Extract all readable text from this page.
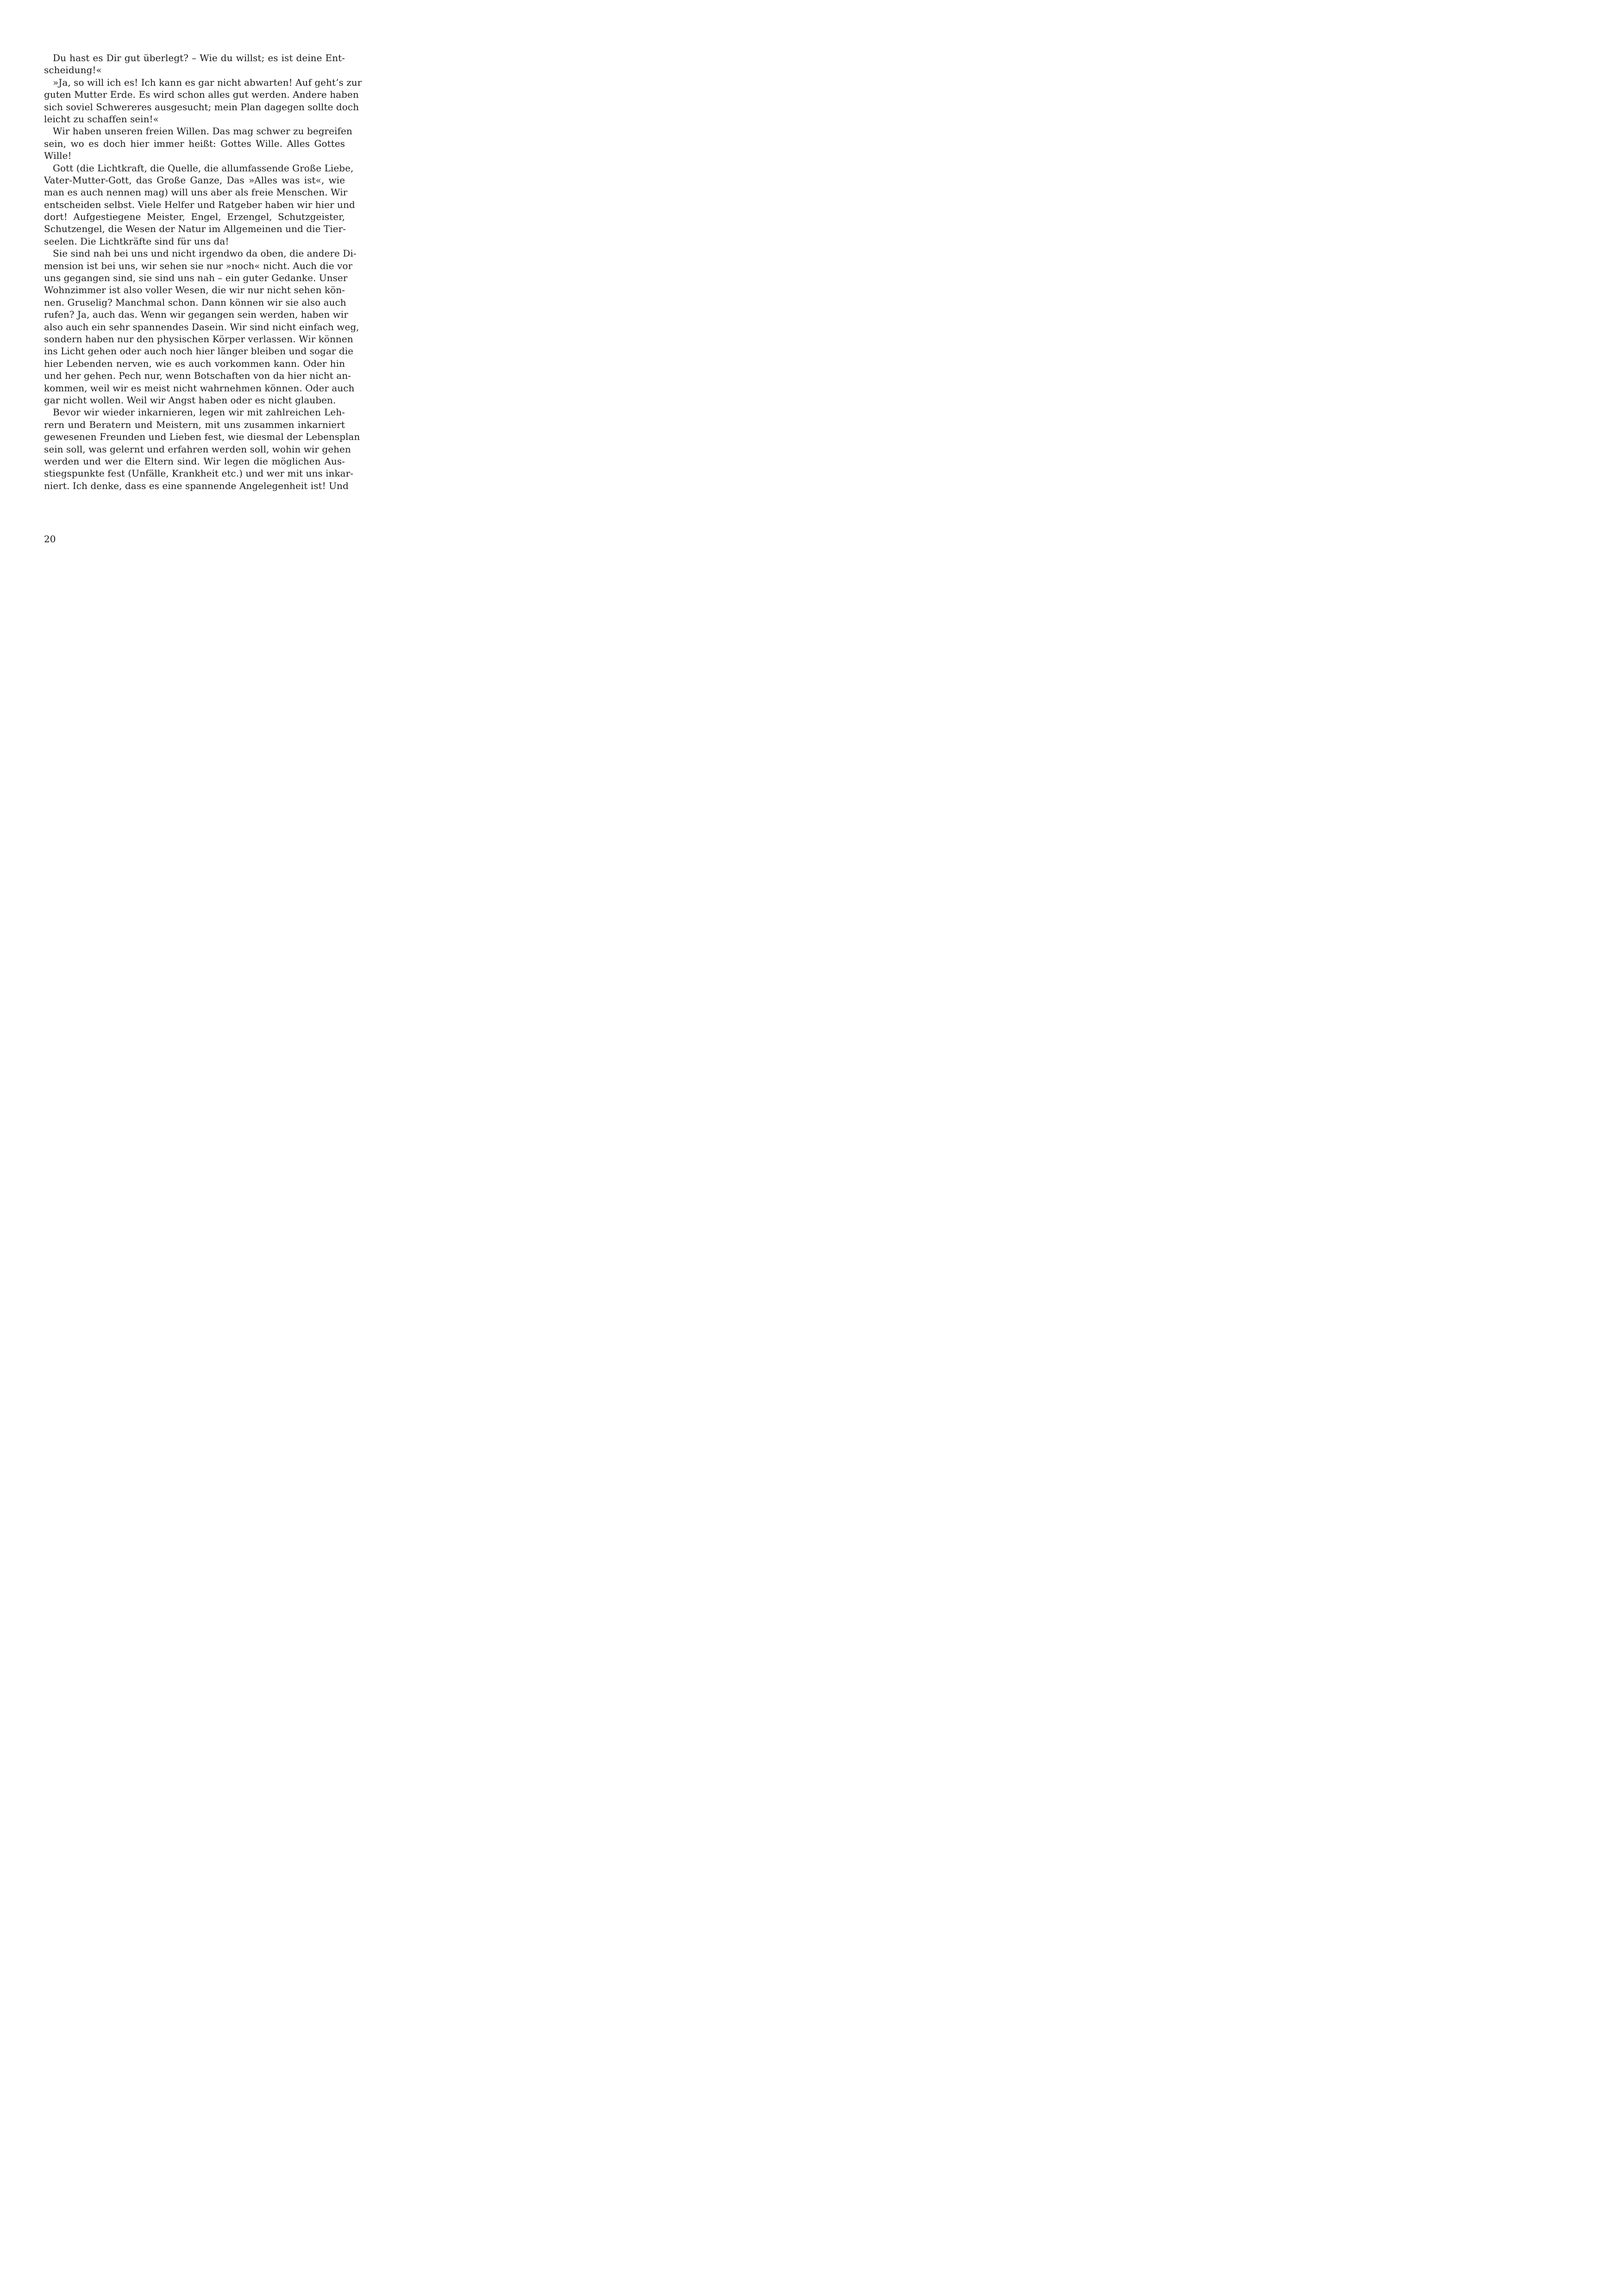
Du hast es Dir gut überlegt? – Wie du willst; es ist deine Ent-
scheidung!«
»Ja, so will ich es! Ich kann es gar nicht abwarten! Auf geht’s zur
guten Mutter Erde. Es wird schon alles gut werden. Andere haben
sich soviel Schwereres ausgesucht; mein Plan dagegen sollte doch
leicht zu schaffen sein!«
Wir haben unseren freien Willen. Das mag schwer zu begreifen
sein, wo es doch hier immer heißt: Gottes Wille. Alles Gottes
Wille!
Gott (die Lichtkraft, die Quelle, die allumfassende Große Liebe,
Vater-Mutter-Gott, das Große Ganze, Das »Alles was ist«, wie
man es auch nennen mag) will uns aber als freie Menschen. Wir
entscheiden selbst. Viele Helfer und Ratgeber haben wir hier und
dort! Aufgestiegene Meister, Engel, Erzengel, Schutzgeister,
Schutzengel, die Wesen der Natur im Allgemeinen und die Tier-
seelen. Die Lichtkräfte sind für uns da!
Sie sind nah bei uns und nicht irgendwo da oben, die andere Di-
mension ist bei uns, wir sehen sie nur »noch« nicht. Auch die vor
uns gegangen sind, sie sind uns nah – ein guter Gedanke. Unser
Wohnzimmer ist also voller Wesen, die wir nur nicht sehen kön-
nen. Gruselig? Manchmal schon. Dann können wir sie also auch
rufen? Ja, auch das. Wenn wir gegangen sein werden, haben wir
also auch ein sehr spannendes Dasein. Wir sind nicht einfach weg,
sondern haben nur den physischen Körper verlassen. Wir können
ins Licht gehen oder auch noch hier länger bleiben und sogar die
hier Lebenden nerven, wie es auch vorkommen kann. Oder hin
und her gehen. Pech nur, wenn Botschaften von da hier nicht an-
kommen, weil wir es meist nicht wahrnehmen können. Oder auch
gar nicht wollen. Weil wir Angst haben oder es nicht glauben.
Bevor wir wieder inkarnieren, legen wir mit zahlreichen Leh-
rern und Beratern und Meistern, mit uns zusammen inkarniert
gewesenen Freunden und Lieben fest, wie diesmal der Lebensplan
sein soll, was gelernt und erfahren werden soll, wohin wir gehen
werden und wer die Eltern sind. Wir legen die möglichen Aus-
stiegspunkte fest (Unfälle, Krankheit etc.) und wer mit uns inkar-
niert. Ich denke, dass es eine spannende Angelegenheit ist! Und
20
